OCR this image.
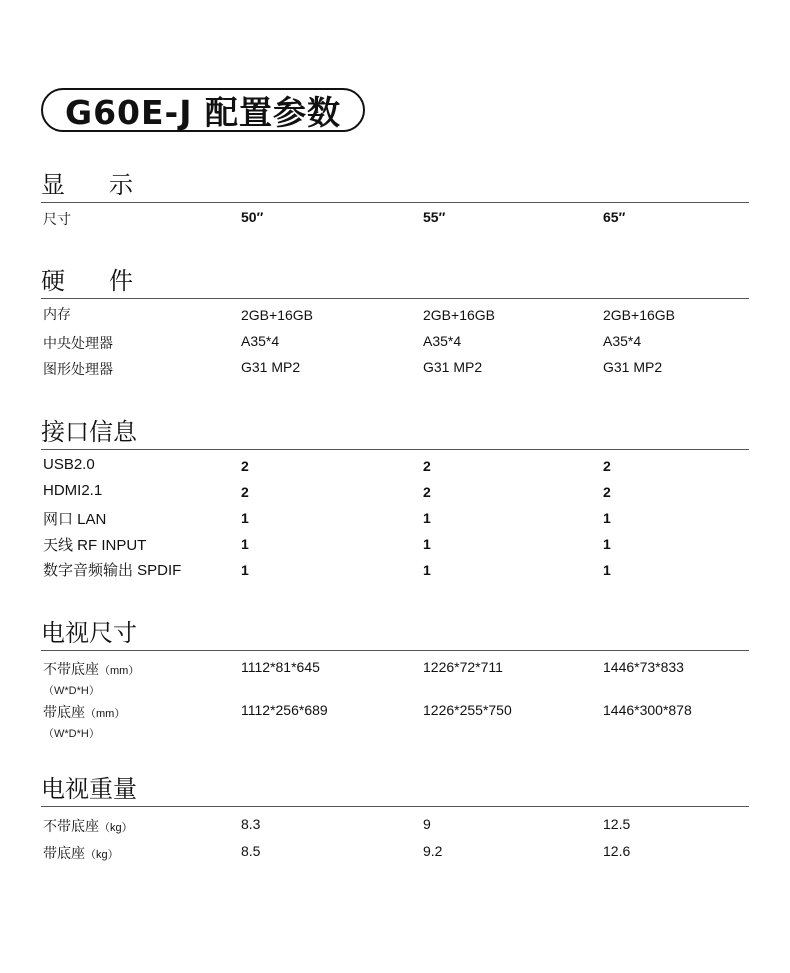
G60E-J 配置参数
显示
尺寸	50″	55″	65″
硬件
内存	2GB+16GB	2GB+16GB	2GB+16GB
中央处理器	A35*4	A35*4	A35*4
图形处理器	G31 MP2	G31 MP2	G31 MP2
接口信息
USB2.0	2	2	2
HDMI2.1	2	2	2
网口 LAN	1	1	1
天线 RF INPUT	1	1	1
数字音频输出 SPDIF	1	1	1
电视尺寸
不带底座（mm）
（W*D*H）
1112*81*645	1226*72*711	1446*73*833
带底座（mm）
（W*D*H）
1112*256*689	1226*255*750	1446*300*878
电视重量
不带底座（kg）	8.3	9	12.5
带底座（kg）	8.5	9.2	12.6
